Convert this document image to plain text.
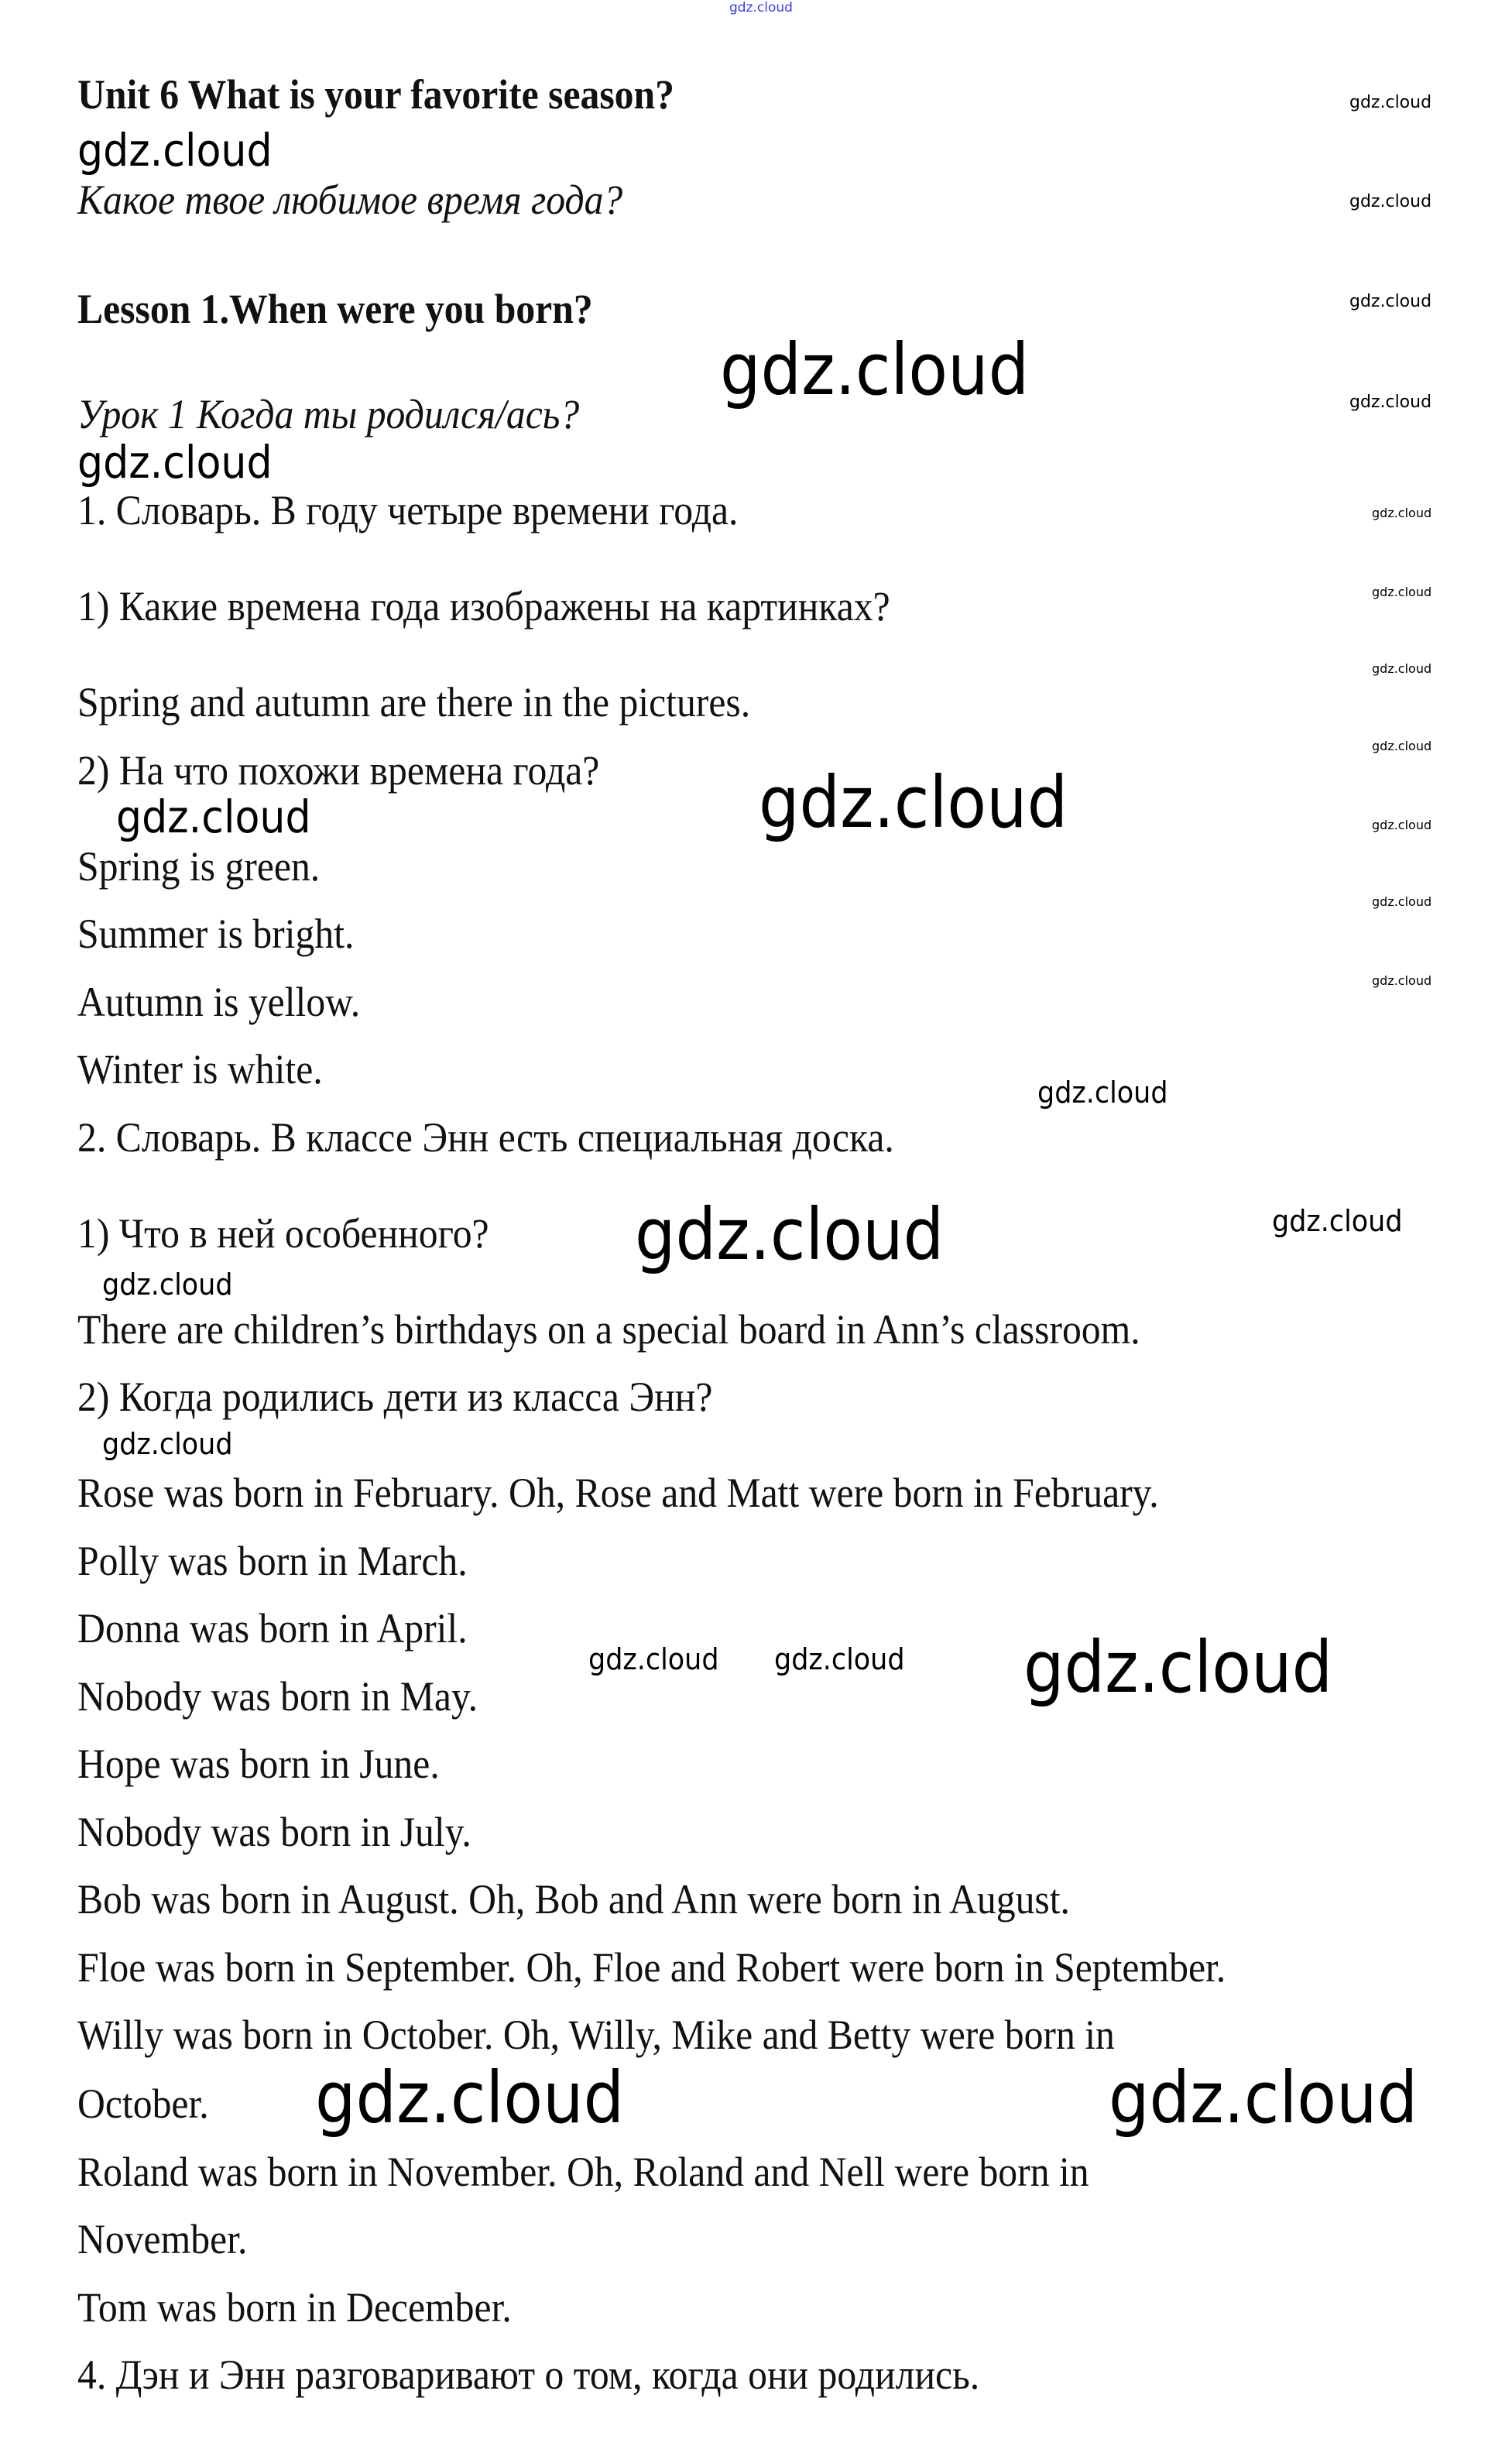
gdz.cloud
gdz.cloud
gdz.cloud
gdz.cloud
gdz.cloud
gdz.cloud
gdz.cloud
gdz.cloud
gdz.cloud
gdz.cloud
gdz.cloud
gdz.cloud
gdz.cloud
gdz.cloud
gdz.cloud
gdz.cloud	gdz.cloud
gdz.cloud
gdz.cloud	gdz.cloud
gdz.cloud
gdz.cloud
gdz.cloud gdz.cloud gdz.cloud
gdz.cloud	gdz.cloud
Unit 6 What is your favorite season?
Какое твое любимое время года?
Lesson 1.When were you born?
Урок 1 Когда ты родился/ась?
1. Словарь. В году четыре времени года.
1) Какие времена года изображены на картинках?
Spring and autumn are there in the pictures.
2) На что похожи времена года?
Spring is green.
Summer is bright.
Autumn is yellow.
Winter is white.
2. Словарь. В классе Энн есть специальная доска.
1) Что в ней особенного?
There are children’s birthdays on a special board in Ann’s classroom.
2) Когда родились дети из класса Энн?
Rose was born in February. Oh, Rose and Matt were born in February.
Polly was born in March.
Donna was born in April.
Nobody was born in May.
Hope was born in June.
Nobody was born in July.
Bob was born in August. Oh, Bob and Ann were born in August.
Floe was born in September. Oh, Floe and Robert were born in September.
Willy was born in October. Oh, Willy, Mike and Betty were born in
October.
Roland was born in November. Oh, Roland and Nell were born in
November.
Tom was born in December.
4. Дэн и Энн разговаривают о том, когда они родились.
